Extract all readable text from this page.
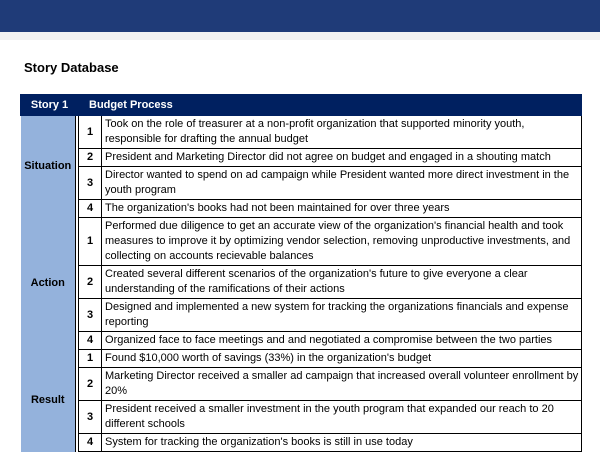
Story Database
Story 1		Budget Process	
Situation		1	Took on the role of treasurer at a non-profit organization that supported minority youth, responsible for drafting the annual budget
		2	President and Marketing Director did not agree on budget and engaged in a shouting match
		3	Director wanted to spend on ad campaign while President wanted more direct investment in the youth program
		4	The organization's books had not been maintained for over three years
Action		1	Performed due diligence to get an accurate view of the organization's financial health and took measures to improve it by optimizing vendor selection, removing unproductive investments, and collecting on accounts recievable balances
		2	Created several different scenarios of the organization's future to give everyone a clear understanding of the ramifications of their actions
		3	Designed and implemented a new system for tracking the organizations financials and expense reporting
		4	Organized face to face meetings and and negotiated a compromise between the two parties
Result		1	Found $10,000 worth of savings (33%) in the organization's budget
		2	Marketing Director received a smaller ad campaign that increased overall volunteer enrollment by 20%
		3	President received a smaller investment in the youth program that expanded our reach to 20 different schools
		4	System for tracking the organization's books is still in use today
